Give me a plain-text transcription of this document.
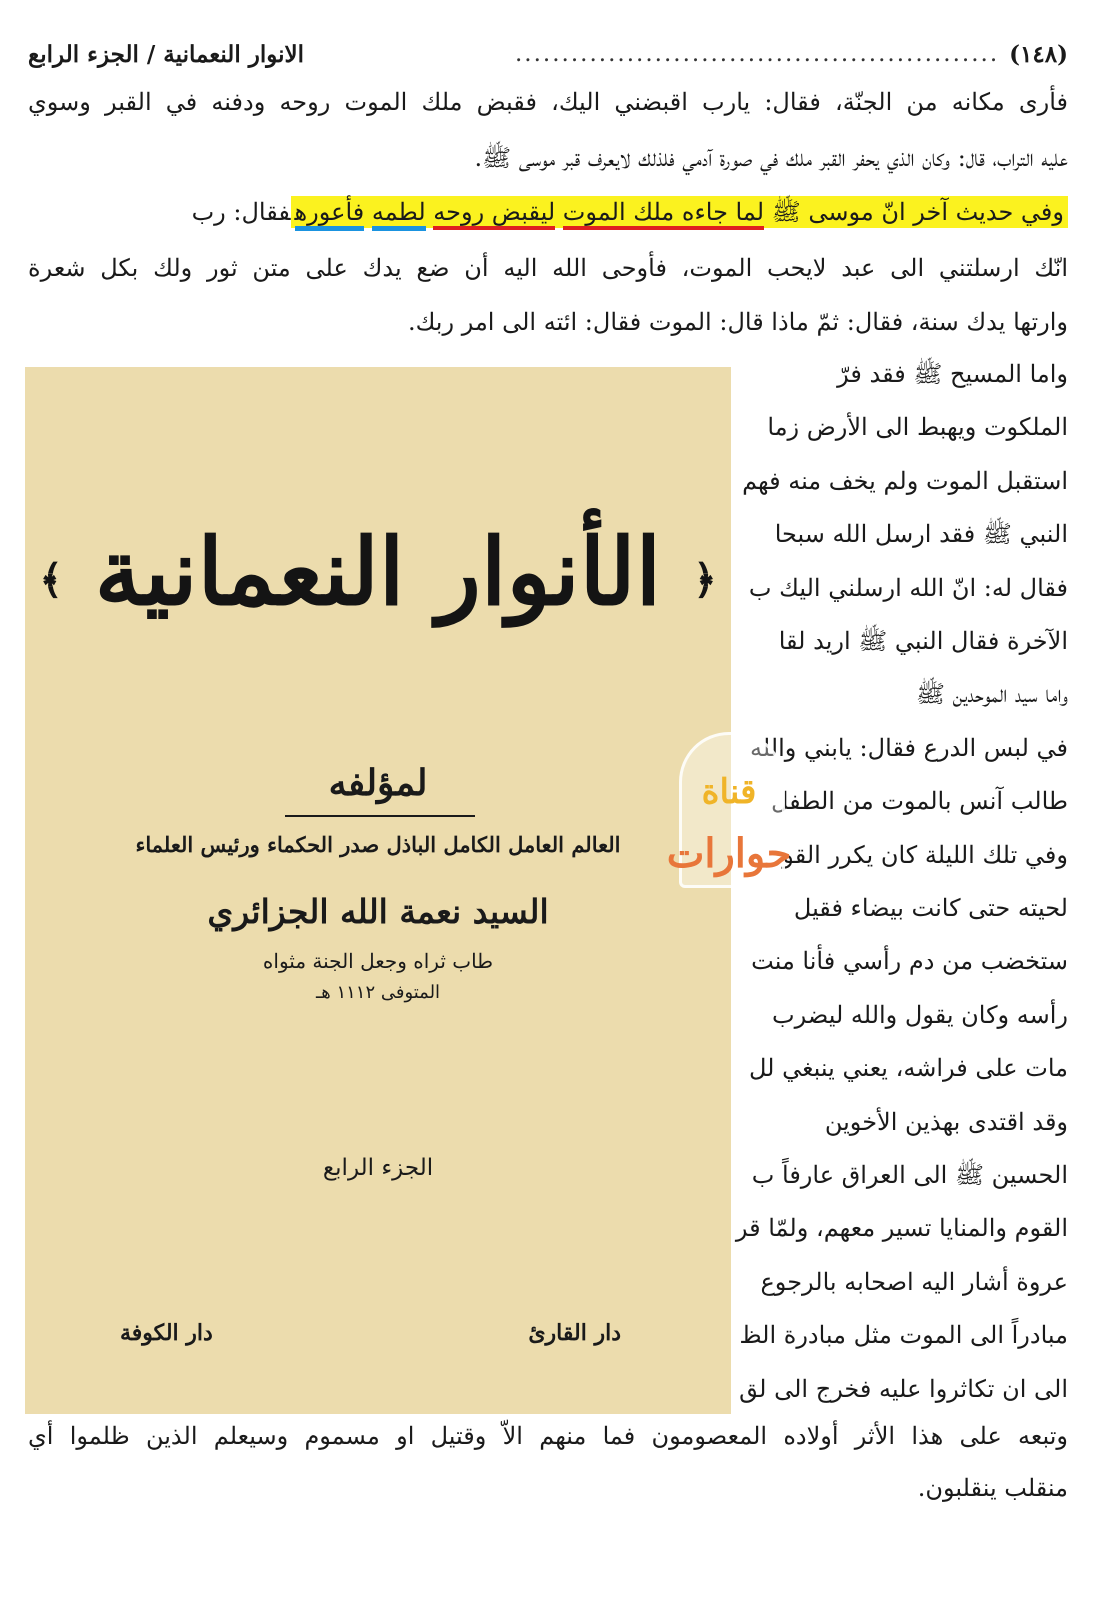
(١٤٨)
....................................................
الانوار النعمانية
/
الجزء الرابع
فأرى مكانه من الجنّة، فقال: يارب اقبضني اليك، فقبض ملك الموت روحه ودفنه في القبر وسوي
عليه التراب، قال: وكان الذي يحفر القبر ملك في صورة آدمي فلذلك لايعرف قبر موسى ﷺ.
وفي حديث آخر انّ موسى ﷺ لما جاءه ملك الموت ليقبض روحه لطمه فأعورهفقال: رب
انّك ارسلتني الى عبد لايحب الموت، فأوحى الله اليه أن ضع يدك على متن ثور ولك بكل شعرة
وارتها يدك سنة، فقال: ثمّ ماذا قال: الموت فقال: ائته الى امر ربك.
واما المسيح ﷺ فقد فرّ
الملكوت ويهبط الى الأرض زما
استقبل الموت ولم يخف منه فهم
النبي ﷺ فقد ارسل الله سبحا
فقال له: انّ الله ارسلني اليك ب
الآخرة فقال النبي ﷺ اريد لقا
واما سيد الموحدين ﷺ
في لبس الدرع فقال: يابني والله
طالب آنس بالموت من الطفل
وفي تلك الليلة كان يكرر القو
لحيته حتى كانت بيضاء فقيل
ستخضب من دم رأسي فأنا منت
رأسه وكان يقول والله ليضرب
مات على فراشه، يعني ينبغي لل
وقد اقتدى بهذين الأخوين
الحسين ﷺ الى العراق عارفاً ب
القوم والمنايا تسير معهم، ولمّا قر
عروة أشار اليه اصحابه بالرجوع
مبادراً الى الموت مثل مبادرة الظ
الى ان تكاثروا عليه فخرج الى لق
وتبعه على هذا الأثر أولاده المعصومون فما منهم الاّ وقتيل او مسموم وسيعلم الذين ظلموا أي
منقلب ينقلبون.
﴿ الأنوار النعمانية ﴾
لمؤلفه
العالم العامل الكامل الباذل صدر الحكماء ورئيس العلماء
السيد نعمة الله الجزائري
طاب ثراه وجعل الجنة مثواه
المتوفى ١١١٢ هـ
الجزء الرابع
دار القارئ
دار الكوفة
قناة
حوارات
